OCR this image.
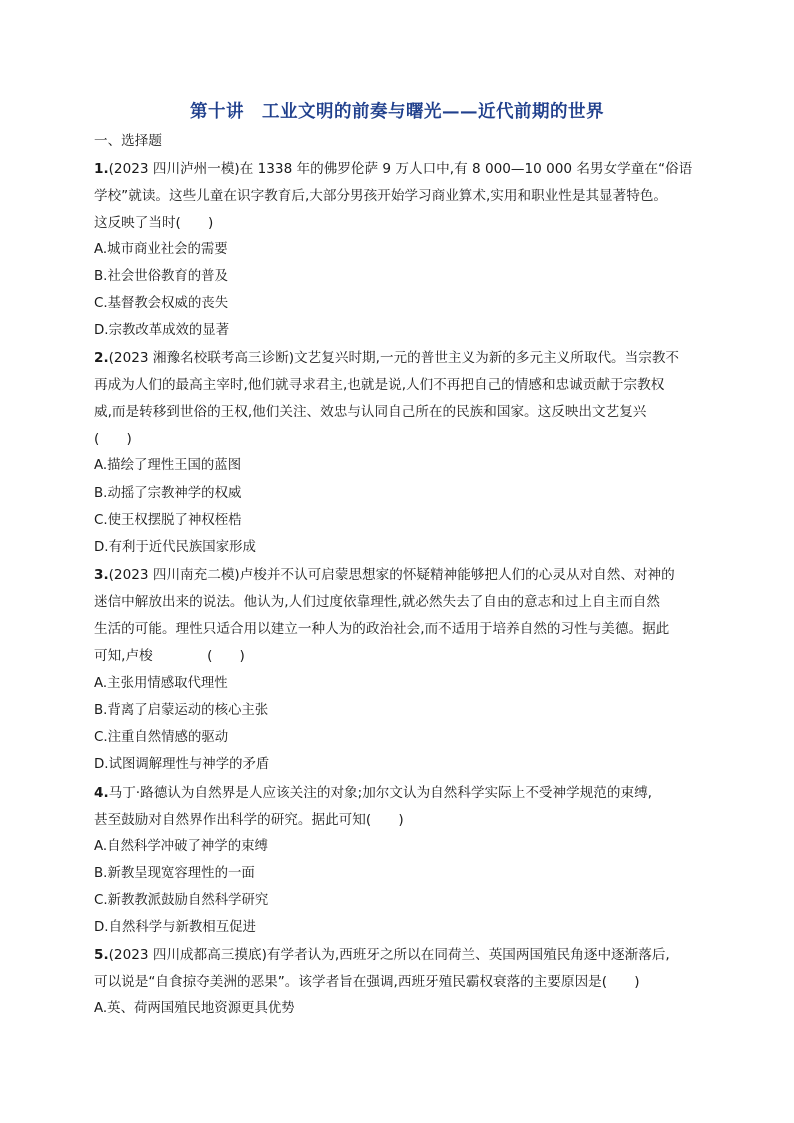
第十讲　工业文明的前奏与曙光——近代前期的世界
一、选择题
1.(2023 四川泸州一模)在 1338 年的佛罗伦萨 9 万人口中,有 8 000—10 000 名男女学童在“俗语
学校”就读。这些儿童在识字教育后,大部分男孩开始学习商业算术,实用和职业性是其显著特色。
这反映了当时(　　)
A.城市商业社会的需要
B.社会世俗教育的普及
C.基督教会权威的丧失
D.宗教改革成效的显著
2.(2023 湘豫名校联考高三诊断)文艺复兴时期,一元的普世主义为新的多元主义所取代。当宗教不
再成为人们的最高主宰时,他们就寻求君主,也就是说,人们不再把自己的情感和忠诚贡献于宗教权
威,而是转移到世俗的王权,他们关注、效忠与认同自己所在的民族和国家。这反映出文艺复兴
(　　)
A.描绘了理性王国的蓝图
B.动摇了宗教神学的权威
C.使王权摆脱了神权桎梏
D.有利于近代民族国家形成
3.(2023 四川南充二模)卢梭并不认可启蒙思想家的怀疑精神能够把人们的心灵从对自然、对神的
迷信中解放出来的说法。他认为,人们过度依靠理性,就必然失去了自由的意志和过上自主而自然
生活的可能。理性只适合用以建立一种人为的政治社会,而不适用于培养自然的习性与美德。据此
可知,卢梭　　　　(　　)
A.主张用情感取代理性
B.背离了启蒙运动的核心主张
C.注重自然情感的驱动
D.试图调解理性与神学的矛盾
4.马丁·路德认为自然界是人应该关注的对象;加尔文认为自然科学实际上不受神学规范的束缚,
甚至鼓励对自然界作出科学的研究。据此可知(　　)
A.自然科学冲破了神学的束缚
B.新教呈现宽容理性的一面
C.新教教派鼓励自然科学研究
D.自然科学与新教相互促进
5.(2023 四川成都高三摸底)有学者认为,西班牙之所以在同荷兰、英国两国殖民角逐中逐渐落后,
可以说是“自食掠夺美洲的恶果”。该学者旨在强调,西班牙殖民霸权衰落的主要原因是(　　)
A.英、荷两国殖民地资源更具优势
